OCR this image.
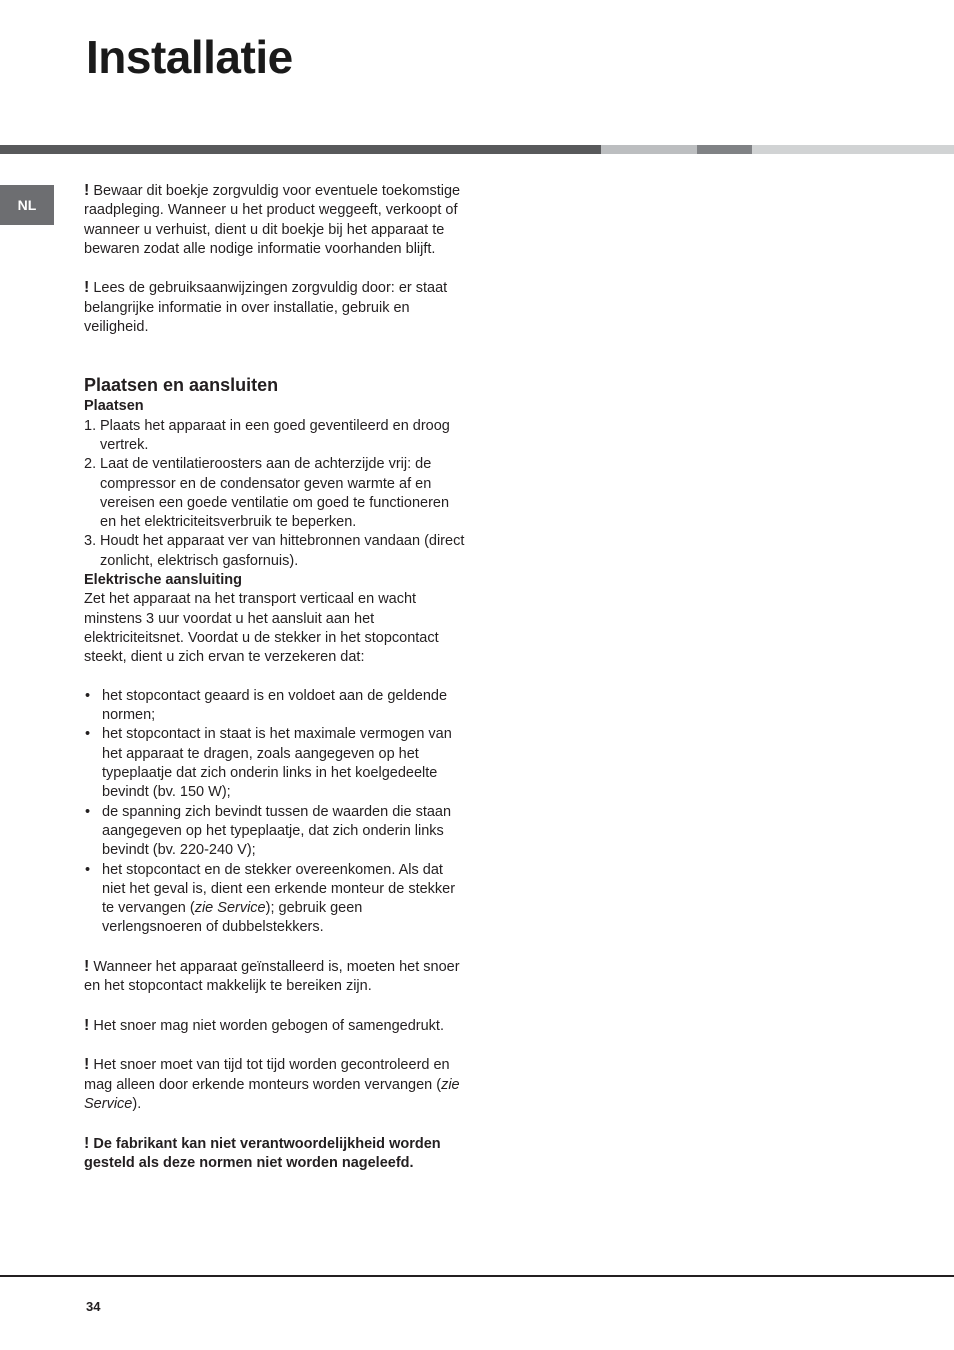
Installatie
NL

! Bewaar dit boekje zorgvuldig voor eventuele toekomstige raadpleging. Wanneer u het product weggeeft, verkoopt of wanneer u verhuist, dient u dit boekje bij het apparaat te bewaren zodat alle nodige informatie voorhanden blijft.

! Lees de gebruiksaanwijzingen zorgvuldig door: er staat belangrijke informatie in over installatie, gebruik en veiligheid.

Plaatsen en aansluiten

Plaatsen

1. Plaats het apparaat in een goed geventileerd en droog vertrek.
2. Laat de ventilatieroosters aan de achterzijde vrij: de compressor en de condensator geven warmte af en vereisen een goede ventilatie om goed te functioneren en het elektriciteitsverbruik te beperken.
3. Houdt het apparaat ver van hittebronnen vandaan (direct zonlicht, elektrisch gasfornuis).

Elektrische aansluiting

Zet het apparaat na het transport verticaal en wacht minstens 3 uur voordat u het aansluit aan het elektriciteitsnet. Voordat u de stekker in het stopcontact steekt, dient u zich ervan te verzekeren dat:

• het stopcontact geaard is en voldoet aan de geldende normen;
• het stopcontact in staat is het maximale vermogen van het apparaat te dragen, zoals aangegeven op het typeplaatje dat zich onderin links in het koelgedeelte bevindt (bv. 150 W);
• de spanning zich bevindt tussen de waarden die staan aangegeven op het typeplaatje, dat zich onderin links bevindt (bv. 220-240 V);
• het stopcontact en de stekker overeenkomen. Als dat niet het geval is, dient een erkende monteur de stekker te vervangen (zie Service); gebruik geen verlengsnoeren of dubbelstekkers.

! Wanneer het apparaat geïnstalleerd is, moeten het snoer en het stopcontact makkelijk te bereiken zijn.

! Het snoer mag niet worden gebogen of samengedrukt.

! Het snoer moet van tijd tot tijd worden gecontroleerd en mag alleen door erkende monteurs worden vervangen (zie Service).

! De fabrikant kan niet verantwoordelijkheid worden gesteld als deze normen niet worden nageleefd.

34
